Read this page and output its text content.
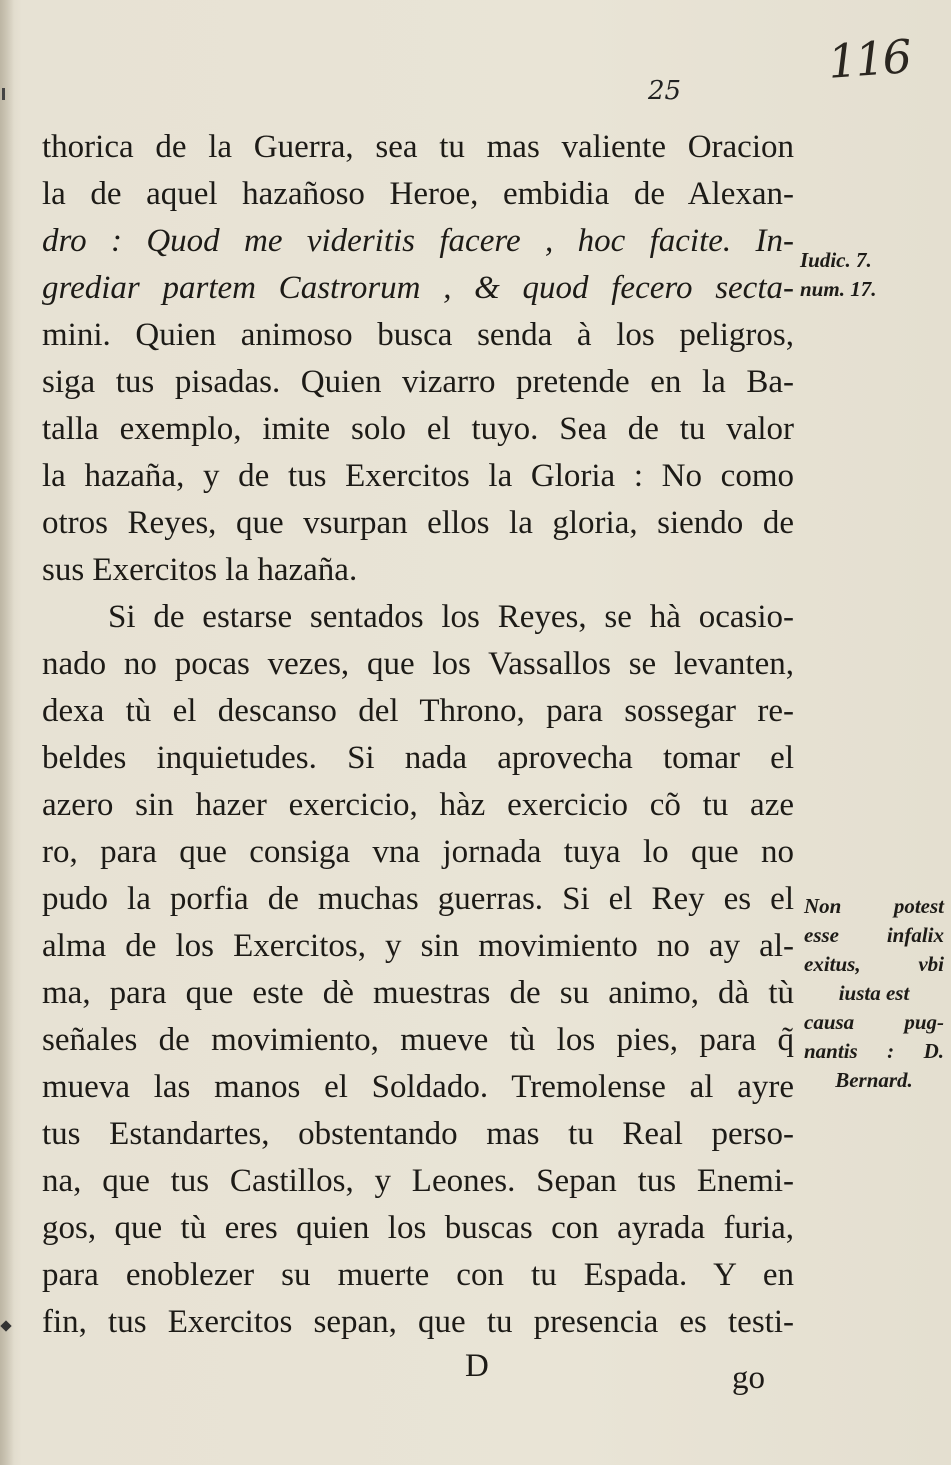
116
25
thorica de la Guerra, sea tu mas valiente Oracion
la de aquel hazañoso Heroe, embidia de Alexan-
dro : Quod me videritis facere , hoc facite. In-
grediar partem Castrorum , & quod fecero secta-
mini. Quien animoso busca senda à los peligros,
siga tus pisadas. Quien vizarro pretende en la Ba-
talla exemplo, imite solo el tuyo. Sea de tu valor
la hazaña, y de tus Exercitos la Gloria : No como
otros Reyes, que vsurpan ellos la gloria, siendo de
sus Exercitos la hazaña.
Si de estarse sentados los Reyes, se hà ocasio-
nado no pocas vezes, que los Vassallos se levanten,
dexa tù el descanso del Throno, para sossegar re-
beldes inquietudes. Si nada aprovecha tomar el
azero sin hazer exercicio, hàz exercicio cõ tu aze
ro, para que consiga vna jornada tuya lo que no
pudo la porfia de muchas guerras. Si el Rey es el
alma de los Exercitos, y sin movimiento no ay al-
ma, para que este dè muestras de su animo, dà tù
señales de movimiento, mueve tù los pies, para q̃
mueva las manos el Soldado. Tremolense al ayre
tus Estandartes, obstentando mas tu Real perso-
na, que tus Castillos, y Leones. Sepan tus Enemi-
gos, que tù eres quien los buscas con ayrada furia,
para enoblezer su muerte con tu Espada. Y en
fin, tus Exercitos sepan, que tu presencia es testi-
Iudic. 7.
num. 17.
Non potest
esse infalix
exitus, vbi
iusta est
causa pug-
nantis : D.
Bernard.
D	go
